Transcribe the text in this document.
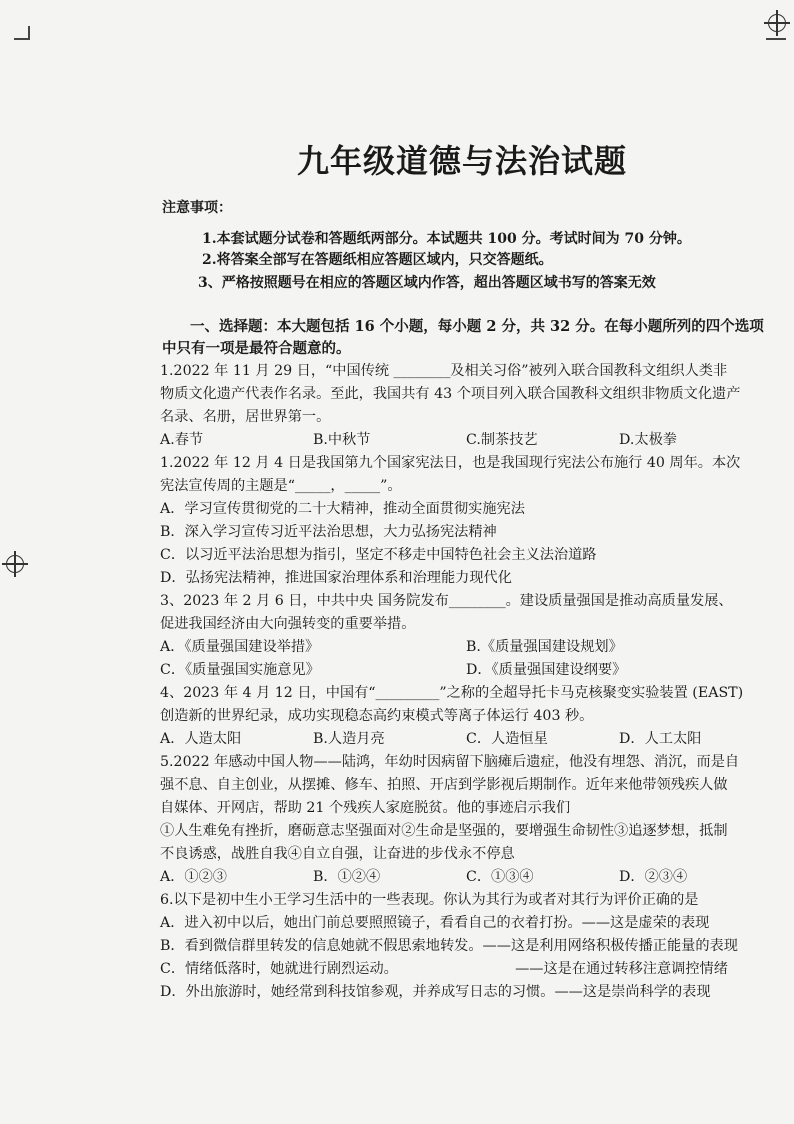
九年级道德与法治试题
注意事项：
1.本套试题分试卷和答题纸两部分。本试题共 100 分。考试时间为 70 分钟。
2.将答案全部写在答题纸相应答题区域内，只交答题纸。
3、严格按照题号在相应的答题区域内作答，超出答题区域书写的答案无效
一、选择题：本大题包括 16 个小题，每小题 2 分，共 32 分。在每小题所列的四个选项中只有一项是最符合题意的。

1.2022 年 11 月 29 日，“中国传统 ________及相关习俗”被列入联合国教科文组织人类非

物质文化遗产代表作名录。至此，我国共有 43 个项目列入联合国教科文组织非物质文化遗产

名录、名册，居世界第一。

A.春节	B.中秋节	C.制茶技艺	D.太极拳

1.2022 年 12 月 4 日是我国第九个国家宪法日，也是我国现行宪法公布施行 40 周年。本次

宪法宣传周的主题是“_____，_____”。

A．学习宣传贯彻党的二十大精神，推动全面贯彻实施宪法

B．深入学习宣传习近平法治思想，大力弘扬宪法精神

C．以习近平法治思想为指引，坚定不移走中国特色社会主义法治道路

D．弘扬宪法精神，推进国家治理体系和治理能力现代化

3、2023 年 2 月 6 日，中共中央 国务院发布________。建设质量强国是推动高质量发展、

促进我国经济由大向强转变的重要举措。

A．《质量强国建设举措》	B.《质量强国建设规划》
C．《质量强国实施意见》	D．《质量强国建设纲要》

4、2023 年 4 月 12 日，中国有“_________”之称的全超导托卡马克核聚变实验装置 (EAST)

创造新的世界纪录，成功实现稳态高约束模式等离子体运行 403 秒。

A．人造太阳	B.人造月亮	C．人造恒星	D．人工太阳

5.2022 年感动中国人物——陆鸿，年幼时因病留下脑瘫后遗症，他没有埋怨、消沉，而是自

强不息、自主创业，从摆摊、修车、拍照、开店到学影视后期制作。近年来他带领残疾人做

自媒体、开网店，帮助 21 个残疾人家庭脱贫。他的事迹启示我们

①人生难免有挫折，磨砺意志坚强面对②生命是坚强的，要增强生命韧性③追逐梦想，抵制

不良诱惑，战胜自我④自立自强，让奋进的步伐永不停息

A．①②③	B．①②④	C．①③④	D．②③④

6.以下是初中生小王学习生活中的一些表现。你认为其行为或者对其行为评价正确的是

A．进入初中以后，她出门前总要照照镜子，看看自己的衣着打扮。——这是虚荣的表现

B．看到微信群里转发的信息她就不假思索地转发。——这是利用网络积极传播正能量的表现

C．情绪低落时，她就进行剧烈运动。                          ——这是在通过转移注意调控情绪

D．外出旅游时，她经常到科技馆参观，并养成写日志的习惯。——这是崇尚科学的表现
